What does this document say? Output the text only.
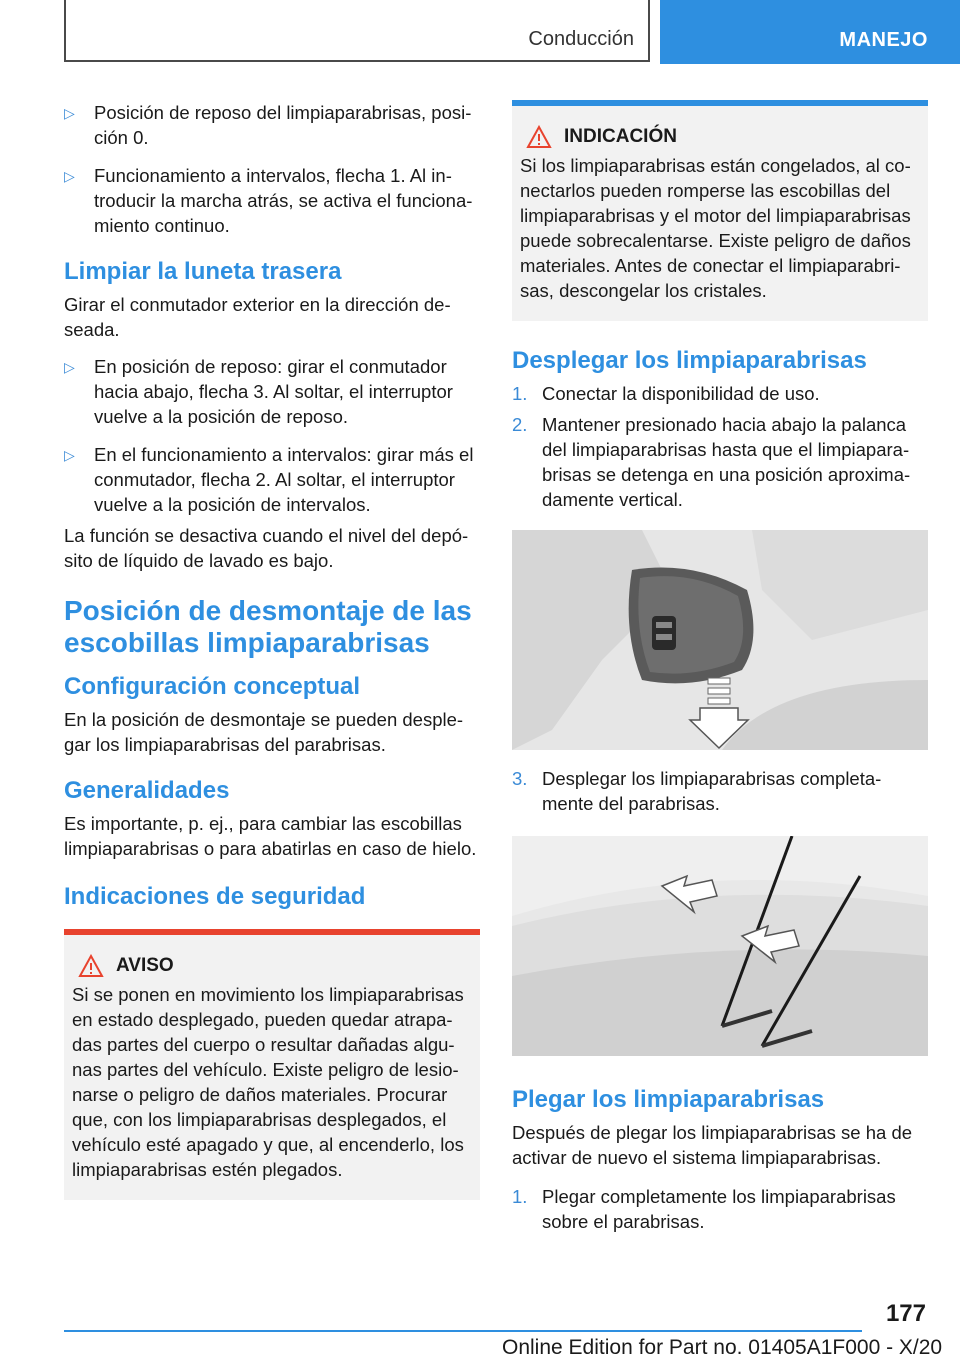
Conducción	MANEJO
▷ Posición de reposo del limpiaparabrisas, posi-ción 0.
▷ Funcionamiento a intervalos, flecha 1. Al in-troducir la marcha atrás, se activa el funciona-miento continuo.
Limpiar la luneta trasera

Girar el conmutador exterior en la dirección de-seada.

▷ En posición de reposo: girar el conmutador hacia abajo, flecha 3. Al soltar, el interruptor vuelve a la posición de reposo.
▷ En el funcionamiento a intervalos: girar más el conmutador, flecha 2. Al soltar, el interruptor vuelve a la posición de intervalos.

La función se desactiva cuando el nivel del depó-sito de líquido de lavado es bajo.

Posición de desmontaje de las escobillas limpiaparabrisas
Configuración conceptual

En la posición de desmontaje se pueden desple-gar los limpiaparabrisas del parabrisas.

Generalidades

Es importante, p. ej., para cambiar las escobillas limpiaparabrisas o para abatirlas en caso de hielo.

Indicaciones de seguridad
AVISO

Si se ponen en movimiento los limpiaparabrisas en estado desplegado, pueden quedar atrapa-das partes del cuerpo o resultar dañadas algu-nas partes del vehículo. Existe peligro de lesio-narse o peligro de daños materiales. Procurar que, con los limpiaparabrisas desplegados, el vehículo esté apagado y que, al encenderlo, los limpiaparabrisas estén plegados.

INDICACIÓN

Si los limpiaparabrisas están congelados, al co-nectarlos pueden romperse las escobillas del limpiaparabrisas y el motor del limpiaparabrisas puede sobrecalentarse. Existe peligro de daños materiales. Antes de conectar el limpiaparabri-sas, descongelar los cristales.

Desplegar los limpiaparabrisas
1. Conectar la disponibilidad de uso.
2. Mantener presionado hacia abajo la palanca del limpiaparabrisas hasta que el limpiapara-brisas se detenga en una posición aproxima-damente vertical.
3. Desplegar los limpiaparabrisas completa-mente del parabrisas.
Plegar los limpiaparabrisas

Después de plegar los limpiaparabrisas se ha de activar de nuevo el sistema limpiaparabrisas.

1. Plegar completamente los limpiaparabrisas sobre el parabrisas.
177
Online Edition for Part no. 01405A1F000 - X/20
